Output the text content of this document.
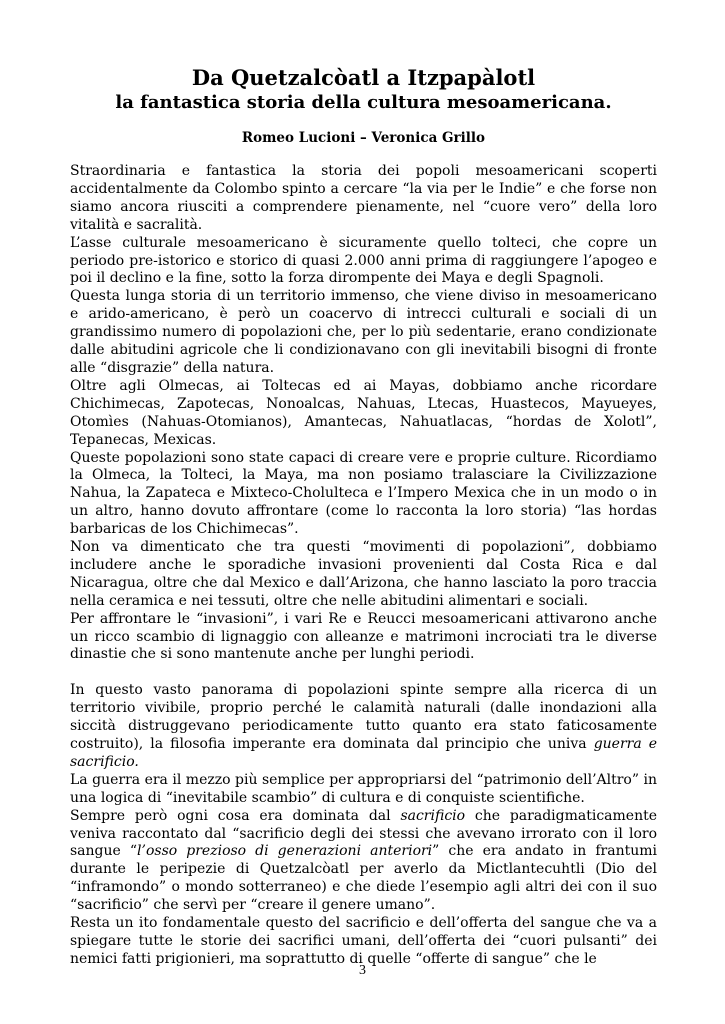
Da Quetzalcòatl a Itzpapàlotl
la fantastica storia della cultura mesoamericana.
Romeo Lucioni – Veronica Grillo

Straordinaria e fantastica la storia dei popoli mesoamericani scoperti accidentalmente da Colombo spinto a cercare “la via per le Indie” e che forse non siamo ancora riusciti a comprendere pienamente, nel “cuore vero” della loro vitalità e sacralità.

L’asse culturale mesoamericano è sicuramente quello tolteci, che copre un periodo pre-istorico e storico di quasi 2.000 anni prima di raggiungere l’apogeo e poi il declino e la fine, sotto la forza dirompente dei Maya e degli Spagnoli.

Questa lunga storia di un territorio immenso, che viene diviso in mesoamericano e arido-americano, è però un coacervo di intrecci culturali e sociali di un grandissimo numero di popolazioni che, per lo più sedentarie, erano condizionate dalle abitudini agricole che li condizionavano con gli inevitabili bisogni di fronte alle “disgrazie” della natura.

Oltre agli Olmecas, ai Toltecas ed ai Mayas, dobbiamo anche ricordare Chichimecas, Zapotecas, Nonoalcas, Nahuas, Ltecas, Huastecos, Mayueyes, Otomìes (Nahuas-Otomianos), Amantecas, Nahuatlacas, “hordas de Xolotl”, Tepanecas, Mexicas.

Queste popolazioni sono state capaci di creare vere e proprie culture. Ricordiamo la Olmeca, la Tolteci, la Maya, ma non posiamo tralasciare la Civilizzazione Nahua, la Zapateca e Mixteco-Cholulteca e l’Impero Mexica che in un modo o in un altro, hanno dovuto affrontare (come lo racconta la loro storia) “las hordas barbaricas de los Chichimecas”.

Non va dimenticato che tra questi “movimenti di popolazioni”, dobbiamo includere anche le sporadiche invasioni provenienti dal Costa Rica e dal Nicaragua, oltre che dal Mexico e dall’Arizona, che hanno lasciato la poro traccia nella ceramica e nei tessuti, oltre che nelle abitudini alimentari e sociali.

Per affrontare le “invasioni”, i vari Re e Reucci mesoamericani attivarono anche un ricco scambio di lignaggio con alleanze e matrimoni incrociati tra le diverse dinastie che si sono mantenute anche per lunghi periodi.

In questo vasto panorama di popolazioni spinte sempre alla ricerca di un territorio vivibile, proprio perché le calamità naturali (dalle inondazioni alla siccità distruggevano periodicamente tutto quanto era stato faticosamente costruito), la filosofia imperante era dominata dal principio che univa guerra e sacrificio.

La guerra era il mezzo più semplice per appropriarsi del “patrimonio dell’Altro” in una logica di “inevitabile scambio” di cultura e di conquiste scientifiche.

Sempre però ogni cosa era dominata dal sacrificio che paradigmaticamente veniva raccontato dal “sacrificio degli dei stessi che avevano irrorato con il loro sangue “l’osso prezioso di generazioni anteriori” che era andato in frantumi durante le peripezie di Quetzalcòatl per averlo da Mictlantecuhtli (Dio del “inframondo” o mondo sotterraneo) e che diede l’esempio agli altri dei con il suo “sacrificio” che servì per “creare il genere umano”.

Resta un ito fondamentale questo del sacrificio e dell’offerta del sangue che va a spiegare tutte le storie dei sacrifici umani, dell’offerta dei “cuori pulsanti” dei nemici fatti prigionieri, ma soprattutto di quelle “offerte di sangue” che le

3
